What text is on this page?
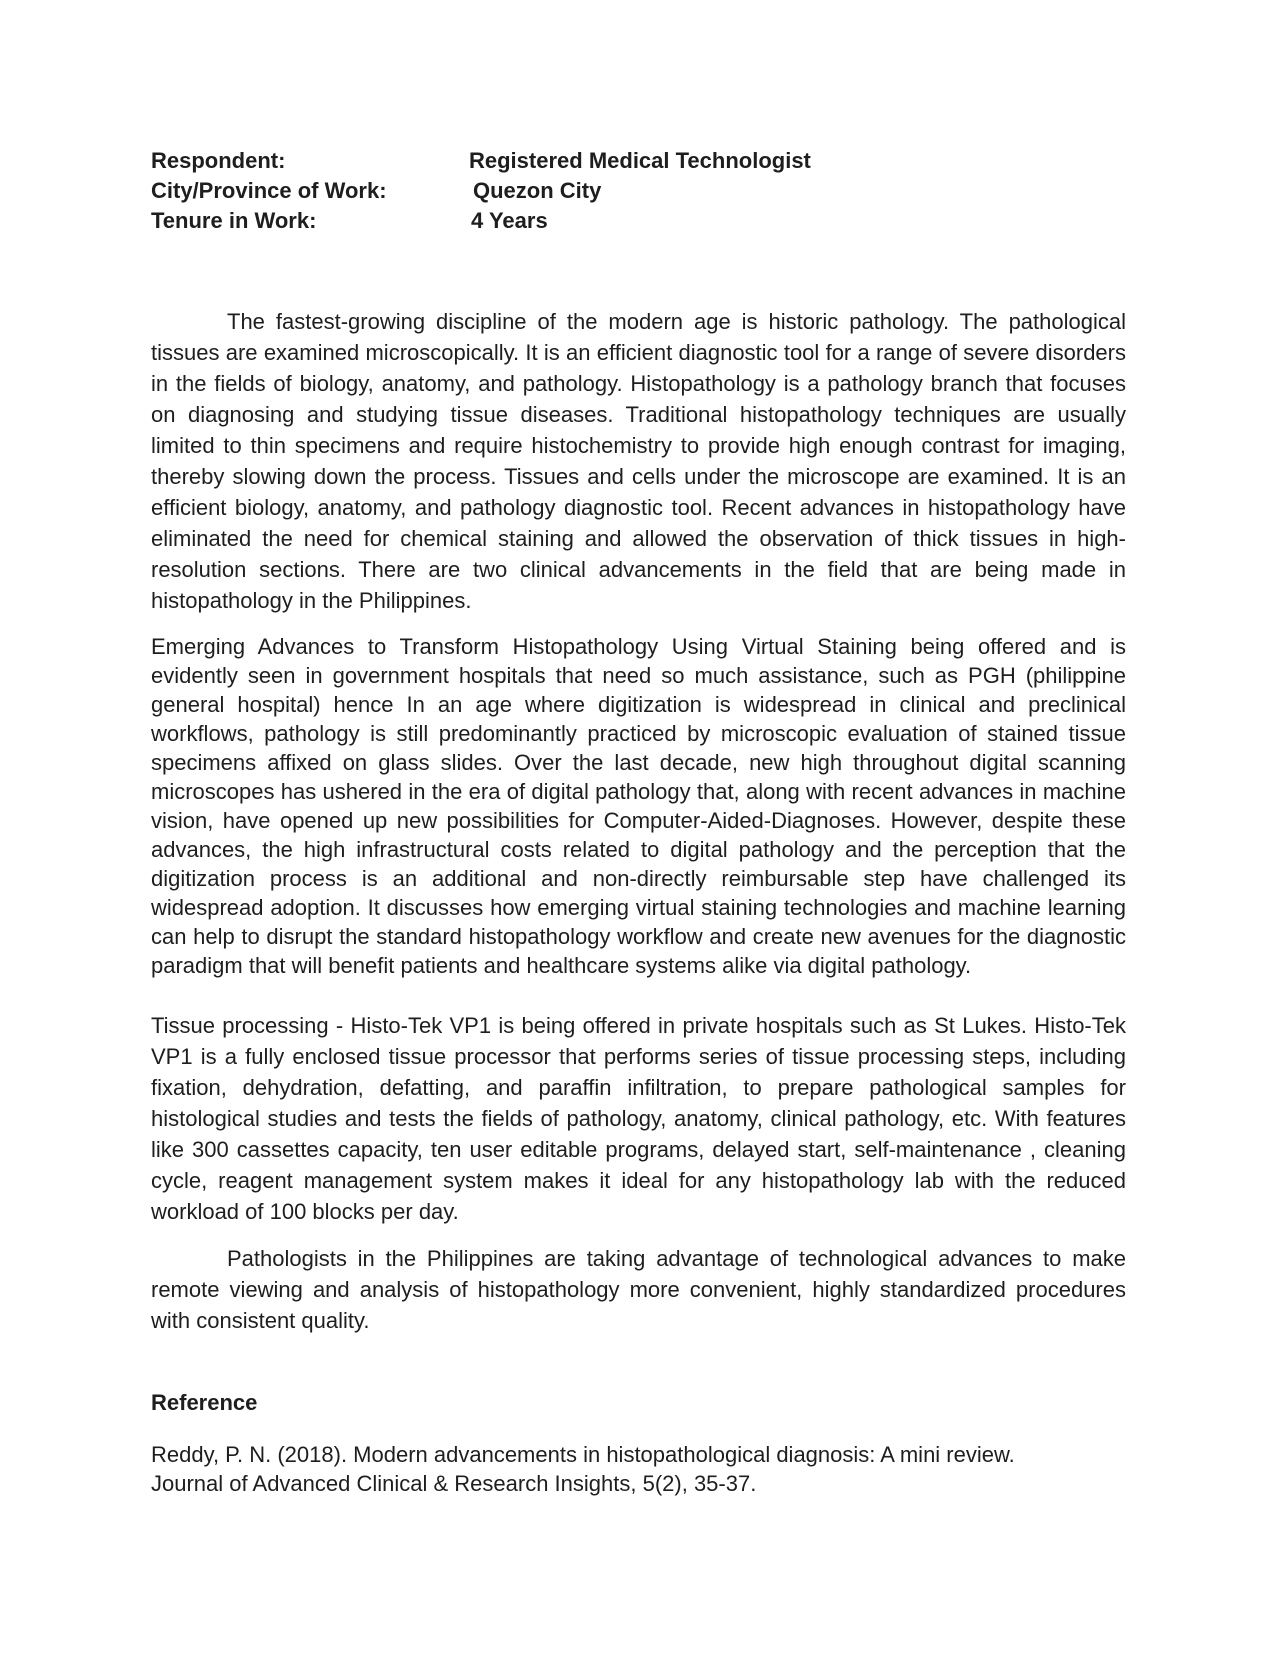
Respondent:	Registered Medical Technologist
City/Province of Work:	Quezon City
Tenure in Work:	4 Years

The fastest-growing discipline of the modern age is historic pathology. The pathological tissues are examined microscopically. It is an efficient diagnostic tool for a range of severe disorders in the fields of biology, anatomy, and pathology. Histopathology is a pathology branch that focuses on diagnosing and studying tissue diseases. Traditional histopathology techniques are usually limited to thin specimens and require histochemistry to provide high enough contrast for imaging, thereby slowing down the process. Tissues and cells under the microscope are examined. It is an efficient biology, anatomy, and pathology diagnostic tool. Recent advances in histopathology have eliminated the need for chemical staining and allowed the observation of thick tissues in high-resolution sections. There are two clinical advancements in the field that are being made in histopathology in the Philippines.

Emerging Advances to Transform Histopathology Using Virtual Staining being offered and is evidently seen in government hospitals that need so much assistance, such as PGH (philippine general hospital) hence In an age where digitization is widespread in clinical and preclinical workflows, pathology is still predominantly practiced by microscopic evaluation of stained tissue specimens affixed on glass slides. Over the last decade, new high throughout digital scanning microscopes has ushered in the era of digital pathology that, along with recent advances in machine vision, have opened up new possibilities for Computer-Aided-Diagnoses. However, despite these advances, the high infrastructural costs related to digital pathology and the perception that the digitization process is an additional and non-directly reimbursable step have challenged its widespread adoption. It discusses how emerging virtual staining technologies and machine learning can help to disrupt the standard histopathology workflow and create new avenues for the diagnostic paradigm that will benefit patients and healthcare systems alike via digital pathology.

Tissue processing - Histo-Tek VP1 is being offered in private hospitals such as St Lukes. Histo-Tek VP1 is a fully enclosed tissue processor that performs series of tissue processing steps, including fixation, dehydration, defatting, and paraffin infiltration, to prepare pathological samples for histological studies and tests the fields of pathology, anatomy, clinical pathology, etc. With features like 300 cassettes capacity, ten user editable programs, delayed start, self-maintenance , cleaning cycle, reagent management system makes it ideal for any histopathology lab with the reduced workload of 100 blocks per day.

Pathologists in the Philippines are taking advantage of technological advances to make remote viewing and analysis of histopathology more convenient, highly standardized procedures with consistent quality.

Reference
Reddy, P. N. (2018). Modern advancements in histopathological diagnosis: A mini review.
Journal of Advanced Clinical & Research Insights, 5(2), 35-37.
